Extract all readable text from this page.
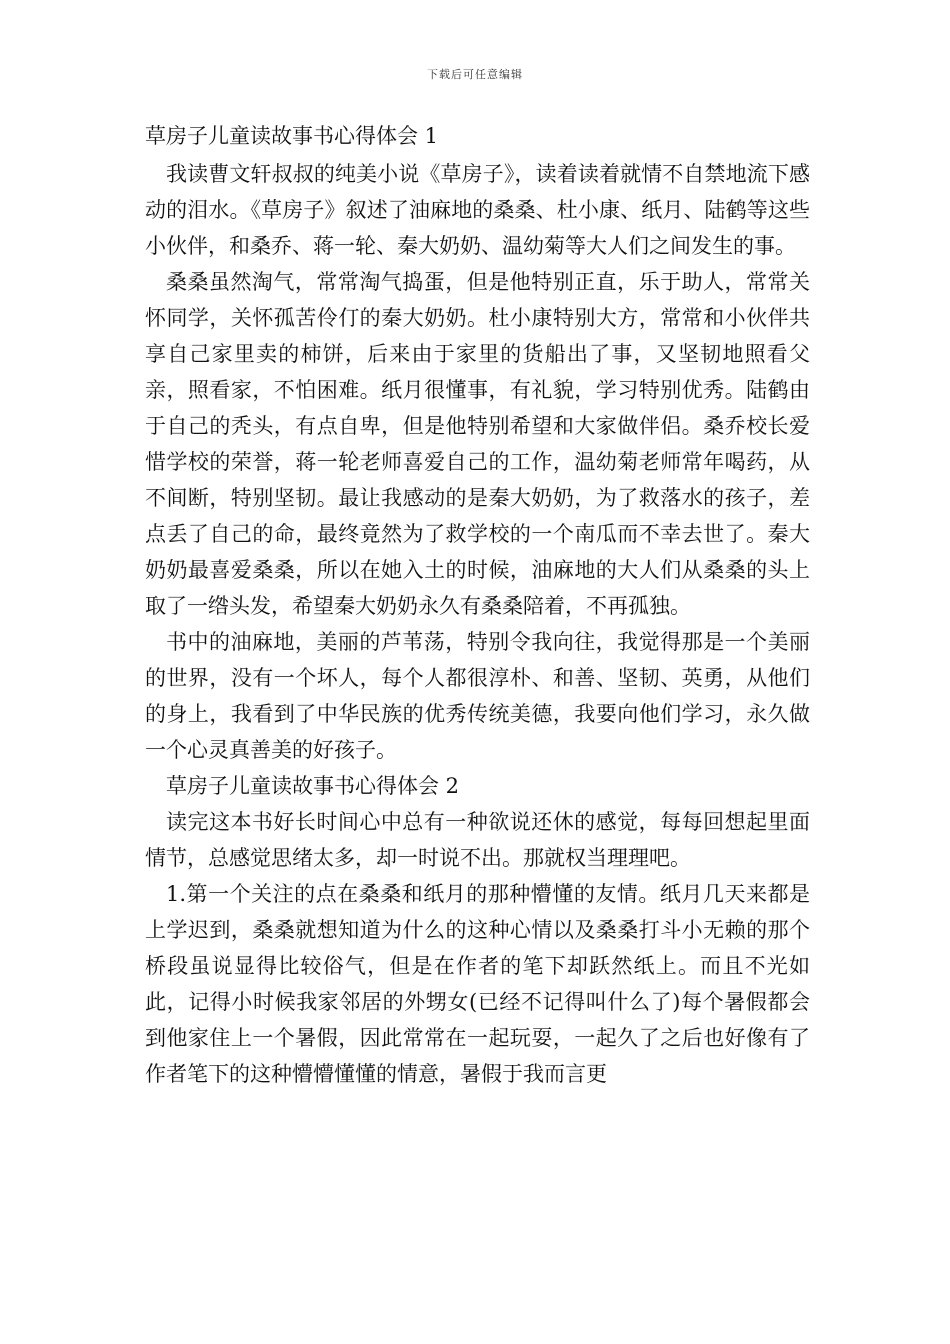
下载后可任意编辑
草房子儿童读故事书心得体会 1

我读曹文轩叔叔的纯美小说《草房子》，读着读着就情不自禁地流下感动的泪水。《草房子》叙述了油麻地的桑桑、杜小康、纸月、陆鹤等这些小伙伴，和桑乔、蒋一轮、秦大奶奶、温幼菊等大人们之间发生的事。

桑桑虽然淘气，常常淘气捣蛋，但是他特别正直，乐于助人，常常关怀同学，关怀孤苦伶仃的秦大奶奶。杜小康特别大方，常常和小伙伴共享自己家里卖的柿饼，后来由于家里的货船出了事，又坚韧地照看父亲，照看家，不怕困难。纸月很懂事，有礼貌，学习特别优秀。陆鹤由于自己的秃头，有点自卑，但是他特别希望和大家做伴侣。桑乔校长爱惜学校的荣誉，蒋一轮老师喜爱自己的工作，温幼菊老师常年喝药，从不间断，特别坚韧。最让我感动的是秦大奶奶，为了救落水的孩子，差点丢了自己的命，最终竟然为了救学校的一个南瓜而不幸去世了。秦大奶奶最喜爱桑桑，所以在她入土的时候，油麻地的大人们从桑桑的头上取了一绺头发，希望秦大奶奶永久有桑桑陪着，不再孤独。

书中的油麻地，美丽的芦苇荡，特别令我向往，我觉得那是一个美丽的世界，没有一个坏人，每个人都很淳朴、和善、坚韧、英勇，从他们的身上，我看到了中华民族的优秀传统美德，我要向他们学习，永久做一个心灵真善美的好孩子。

草房子儿童读故事书心得体会 2

读完这本书好长时间心中总有一种欲说还休的感觉，每每回想起里面情节，总感觉思绪太多，却一时说不出。那就权当理理吧。

1.第一个关注的点在桑桑和纸月的那种懵懂的友情。纸月几天来都是上学迟到，桑桑就想知道为什么的这种心情以及桑桑打斗小无赖的那个桥段虽说显得比较俗气，但是在作者的笔下却跃然纸上。而且不光如此，记得小时候我家邻居的外甥女(已经不记得叫什么了)每个暑假都会到他家住上一个暑假，因此常常在一起玩耍，一起久了之后也好像有了作者笔下的这种懵懵懂懂的情意，暑假于我而言更
